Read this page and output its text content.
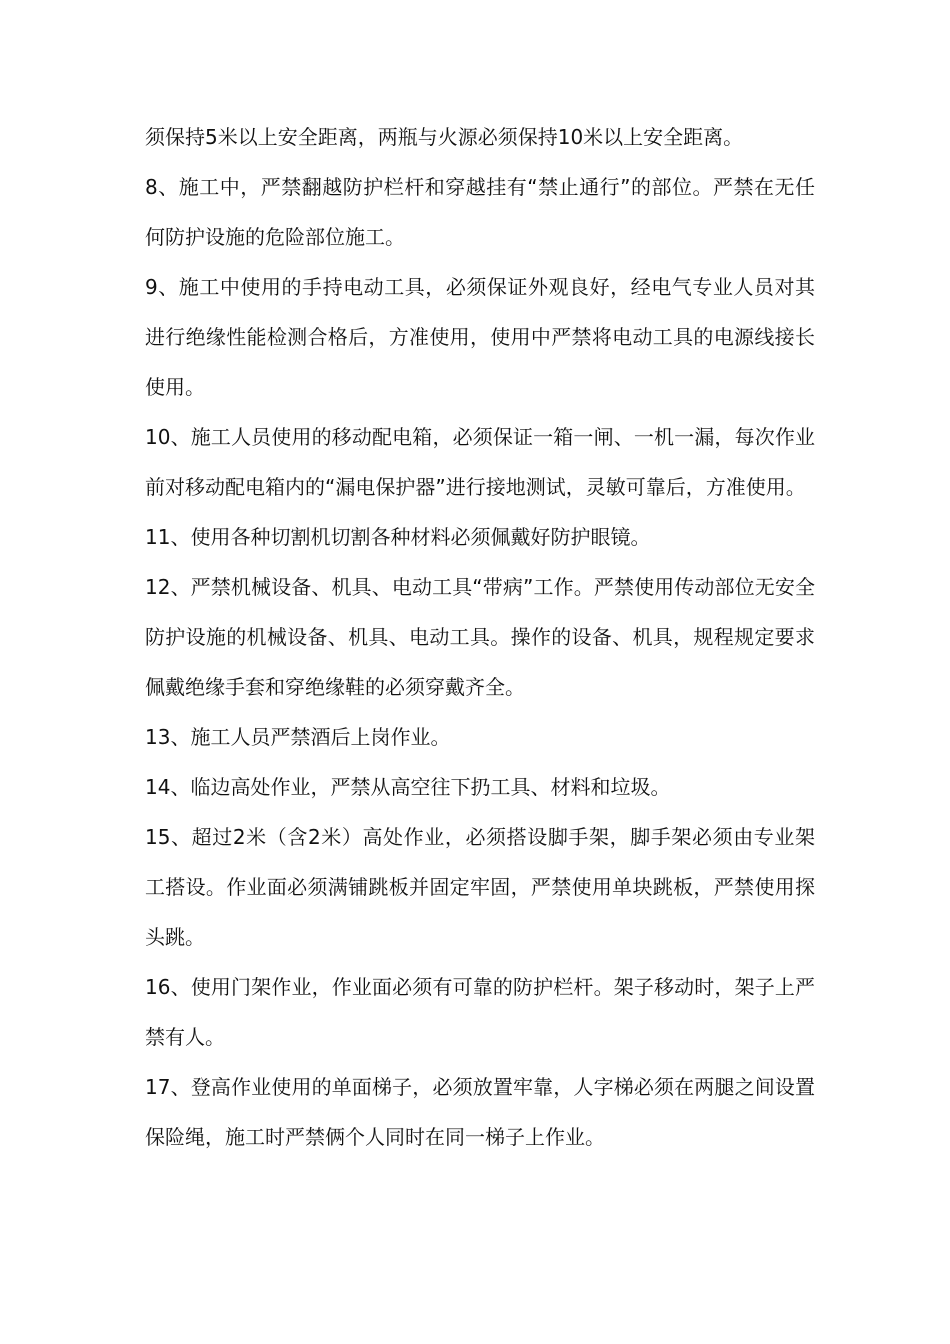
须保持5米以上安全距离，两瓶与火源必须保持10米以上安全距离。

8、施工中，严禁翻越防护栏杆和穿越挂有“禁止通行”的部位。严禁在无任何防护设施的危险部位施工。

9、施工中使用的手持电动工具，必须保证外观良好，经电气专业人员对其进行绝缘性能检测合格后，方准使用，使用中严禁将电动工具的电源线接长使用。

10、施工人员使用的移动配电箱，必须保证一箱一闸、一机一漏，每次作业前对移动配电箱内的“漏电保护器”进行接地测试，灵敏可靠后，方准使用。

11、使用各种切割机切割各种材料必须佩戴好防护眼镜。

12、严禁机械设备、机具、电动工具“带病”工作。严禁使用传动部位无安全防护设施的机械设备、机具、电动工具。操作的设备、机具，规程规定要求佩戴绝缘手套和穿绝缘鞋的必须穿戴齐全。

13、施工人员严禁酒后上岗作业。

14、临边高处作业，严禁从高空往下扔工具、材料和垃圾。

15、超过2米（含2米）高处作业，必须搭设脚手架，脚手架必须由专业架工搭设。作业面必须满铺跳板并固定牢固，严禁使用单块跳板，严禁使用探头跳。

16、使用门架作业，作业面必须有可靠的防护栏杆。架子移动时，架子上严禁有人。

17、登高作业使用的单面梯子，必须放置牢靠，人字梯必须在两腿之间设置保险绳，施工时严禁俩个人同时在同一梯子上作业。
